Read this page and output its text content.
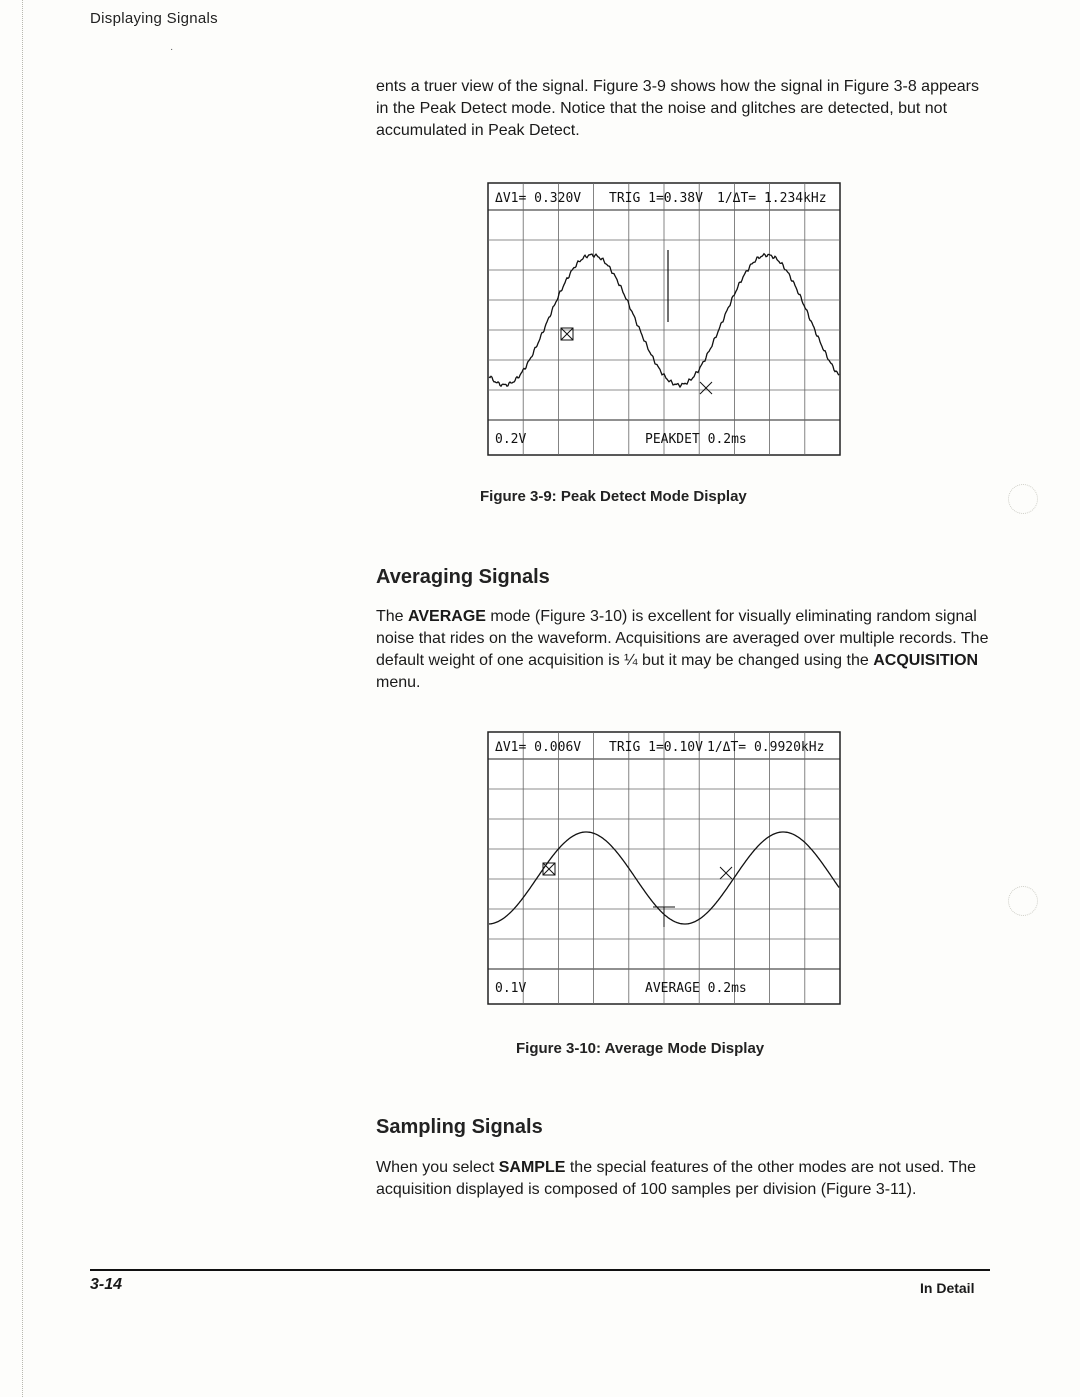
Displaying Signals
·

ents a truer view of the signal. Figure 3-9 shows how the signal in Figure 3-8 appears in the Peak Detect mode. Notice that the noise and glitches are detected, but not accumulated in Peak Detect.

ΔV1= 0.320V TRIG 1=0.38V 1/ΔT= 1.234kHz
0.2V	PEAKDET 0.2ms
Figure 3-9: Peak Detect Mode Display
Averaging Signals

The AVERAGE mode (Figure 3-10) is excellent for visually eliminating random signal noise that rides on the waveform. Acquisitions are averaged over multiple records. The default weight of one acquisition is ¼ but it may be changed using the ACQUISITION menu.

ΔV1= 0.006V TRIG 1=0.10V 1/ΔT= 0.9920kHz
0.1V	AVERAGE 0.2ms
Figure 3-10: Average Mode Display
Sampling Signals

When you select SAMPLE the special features of the other modes are not used. The acquisition displayed is composed of 100 samples per division (Figure 3-11).

3-14	In Detail
